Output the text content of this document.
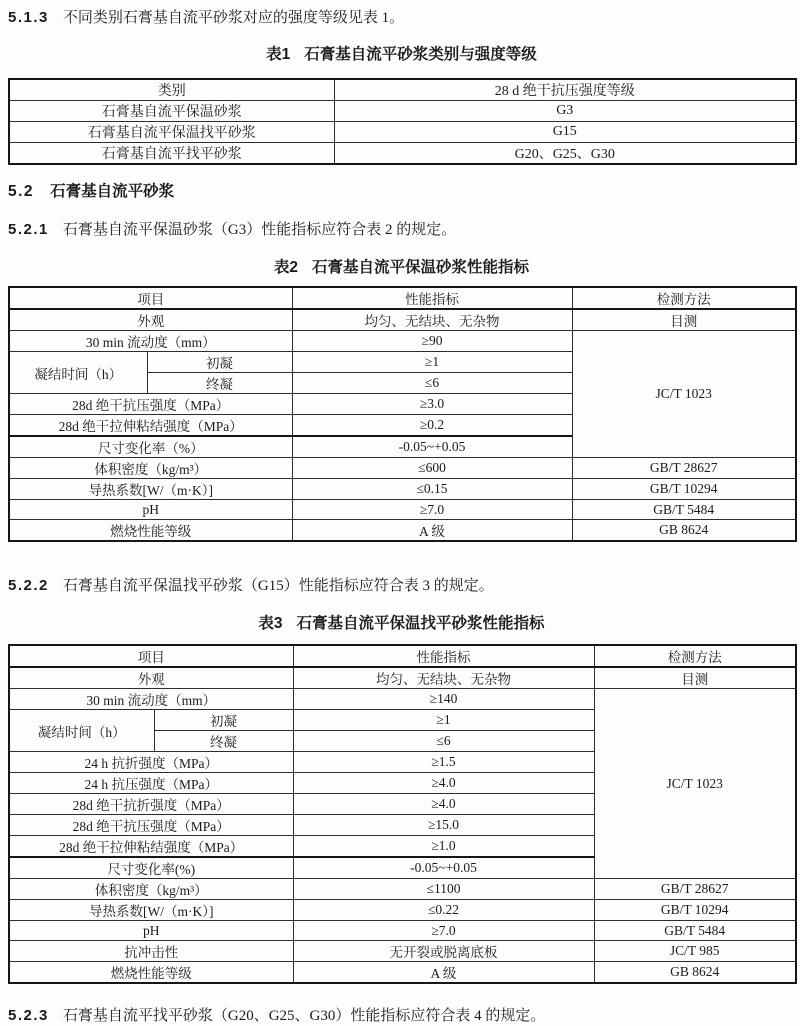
5.1.3 不同类别石膏基自流平砂浆对应的强度等级见表 1。

表1 石膏基自流平砂浆类别与强度等级
类别	28 d 绝干抗压强度等级
石膏基自流平保温砂浆	G3
石膏基自流平保温找平砂浆	G15
石膏基自流平找平砂浆	G20、G25、G30
5.2 石膏基自流平砂浆

5.2.1 石膏基自流平保温砂浆（G3）性能指标应符合表 2 的规定。

表2 石膏基自流平保温砂浆性能指标
项目		性能指标	检测方法
外观		均匀、无结块、无杂物	目测
30 min 流动度（mm）		≥90	JC/T 1023
凝结时间（h）	初凝	≥1	
	终凝	≤6	
28d 绝干抗压强度（MPa）		≥3.0	
28d 绝干拉伸粘结强度（MPa）		≥0.2	
尺寸变化率（%）		-0.05~+0.05	
体积密度（kg/m³）		≤600	GB/T 28627
导热系数[W/（m·K）]		≤0.15	GB/T 10294
pH		≥7.0	GB/T 5484
燃烧性能等级		A 级	GB 8624

5.2.2 石膏基自流平保温找平砂浆（G15）性能指标应符合表 3 的规定。

表3 石膏基自流平保温找平砂浆性能指标
项目		性能指标	检测方法
外观		均匀、无结块、无杂物	目测
30 min 流动度（mm）		≥140	JC/T 1023
凝结时间（h）	初凝	≥1	
	终凝	≤6	
24 h 抗折强度（MPa）		≥1.5	
24 h 抗压强度（MPa）		≥4.0	
28d 绝干抗折强度（MPa）		≥4.0	
28d 绝干抗压强度（MPa）		≥15.0	
28d 绝干拉伸粘结强度（MPa）		≥1.0	
尺寸变化率(%)		-0.05~+0.05	
体积密度（kg/m³）		≤1100	GB/T 28627
导热系数[W/（m·K）]		≤0.22	GB/T 10294
pH		≥7.0	GB/T 5484
抗冲击性		无开裂或脱离底板	JC/T 985
燃烧性能等级		A 级	GB 8624

5.2.3 石膏基自流平找平砂浆（G20、G25、G30）性能指标应符合表 4 的规定。
